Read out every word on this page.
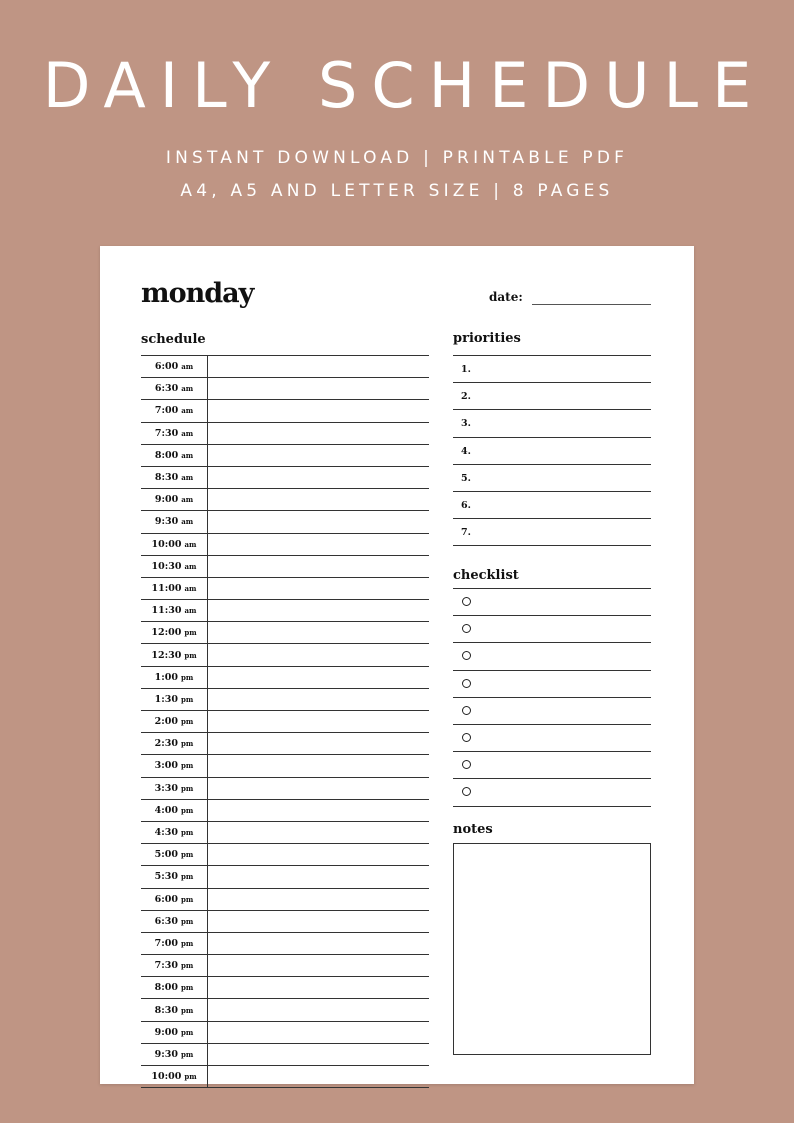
DAILY SCHEDULE
INSTANT DOWNLOAD | PRINTABLE PDF
A4, A5 AND LETTER SIZE | 8 PAGES
monday	date:
schedule
6:00 am
6:30 am
7:00 am
7:30 am
8:00 am
8:30 am
9:00 am
9:30 am
10:00 am
10:30 am
11:00 am
11:30 am
12:00 pm
12:30 pm
1:00 pm
1:30 pm
2:00 pm
2:30 pm
3:00 pm
3:30 pm
4:00 pm
4:30 pm
5:00 pm
5:30 pm
6:00 pm
6:30 pm
7:00 pm
7:30 pm
8:00 pm
8:30 pm
9:00 pm
9:30 pm
10:00 pm
priorities
1.
2.
3.
4.
5.
6.
7.
checklist
notes
